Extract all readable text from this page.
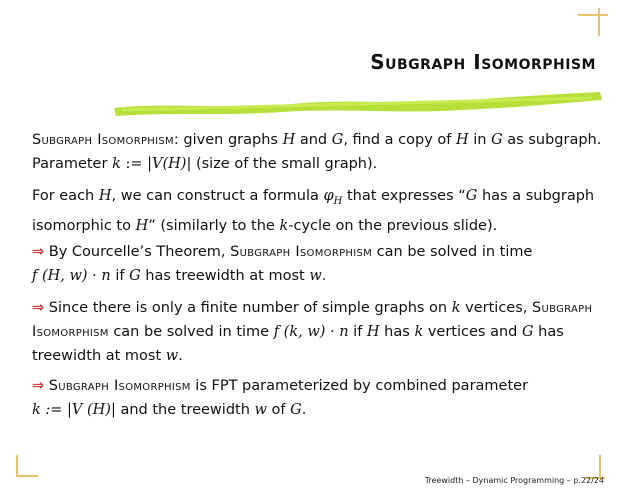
SUBGRAPH ISOMORPHISM
Subgraph Isomorphism: given graphs H and G, find a copy of H in G as subgraph.
Parameter k := |V(H)| (size of the small graph).
For each H, we can construct a formula $\varphi_H$ that expresses “G has a subgraph
isomorphic to H” (similarly to the k-cycle on the previous slide).
⇒ By Courcelle’s Theorem, Subgraph Isomorphism can be solved in time
f (H, w) · n if G has treewidth at most w.
⇒ Since there is only a finite number of simple graphs on k vertices, Subgraph
Isomorphism can be solved in time f (k, w) · n if H has k vertices and G has
treewidth at most w.
⇒ Subgraph Isomorphism is FPT parameterized by combined parameter
k := |V (H)| and the treewidth w of G.
Treewidth – Dynamic Programming – p.22/24
